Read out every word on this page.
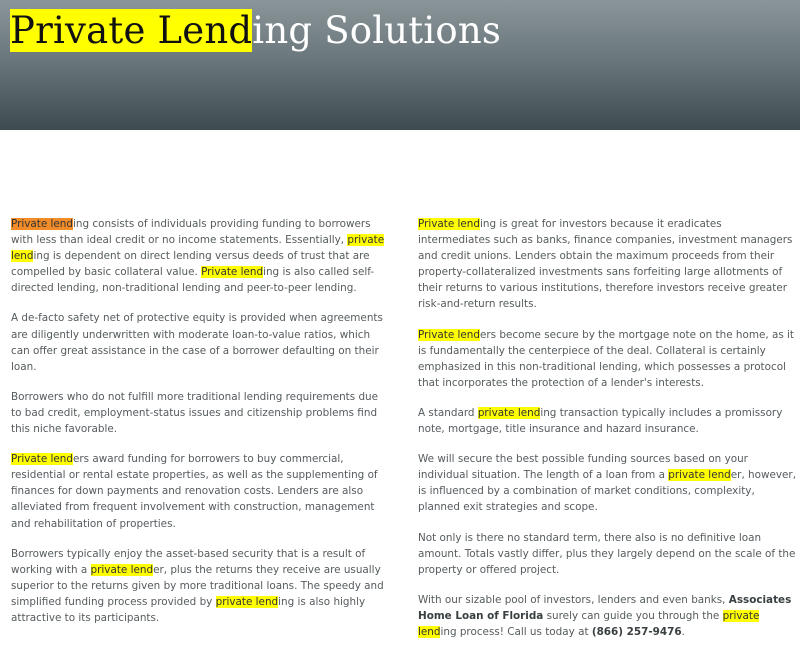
Private Lending Solutions

Private lending consists of individuals providing funding to borrowers with less than ideal credit or no income statements. Essentially, private lending is dependent on direct lending versus deeds of trust that are compelled by basic collateral value. Private lending is also called self-directed lending, non-traditional lending and peer-to-peer lending.

A de-facto safety net of protective equity is provided when agreements are diligently underwritten with moderate loan-to-value ratios, which can offer great assistance in the case of a borrower defaulting on their loan.

Borrowers who do not fulfill more traditional lending requirements due to bad credit, employment-status issues and citizenship problems find this niche favorable.

Private lenders award funding for borrowers to buy commercial, residential or rental estate properties, as well as the supplementing of finances for down payments and renovation costs. Lenders are also alleviated from frequent involvement with construction, management and rehabilitation of properties.

Borrowers typically enjoy the asset-based security that is a result of working with a private lender, plus the returns they receive are usually superior to the returns given by more traditional loans. The speedy and simplified funding process provided by private lending is also highly attractive to its participants.

Private lending is great for investors because it eradicates intermediates such as banks, finance companies, investment managers and credit unions. Lenders obtain the maximum proceeds from their property-collateralized investments sans forfeiting large allotments of their returns to various institutions, therefore investors receive greater risk-and-return results.

Private lenders become secure by the mortgage note on the home, as it is fundamentally the centerpiece of the deal. Collateral is certainly emphasized in this non-traditional lending, which possesses a protocol that incorporates the protection of a lender's interests.

A standard private lending transaction typically includes a promissory note, mortgage, title insurance and hazard insurance.

We will secure the best possible funding sources based on your individual situation. The length of a loan from a private lender, however, is influenced by a combination of market conditions, complexity, planned exit strategies and scope.

Not only is there no standard term, there also is no definitive loan amount. Totals vastly differ, plus they largely depend on the scale of the property or offered project.

With our sizable pool of investors, lenders and even banks, Associates Home Loan of Florida surely can guide you through the private lending process! Call us today at (866) 257-9476.
